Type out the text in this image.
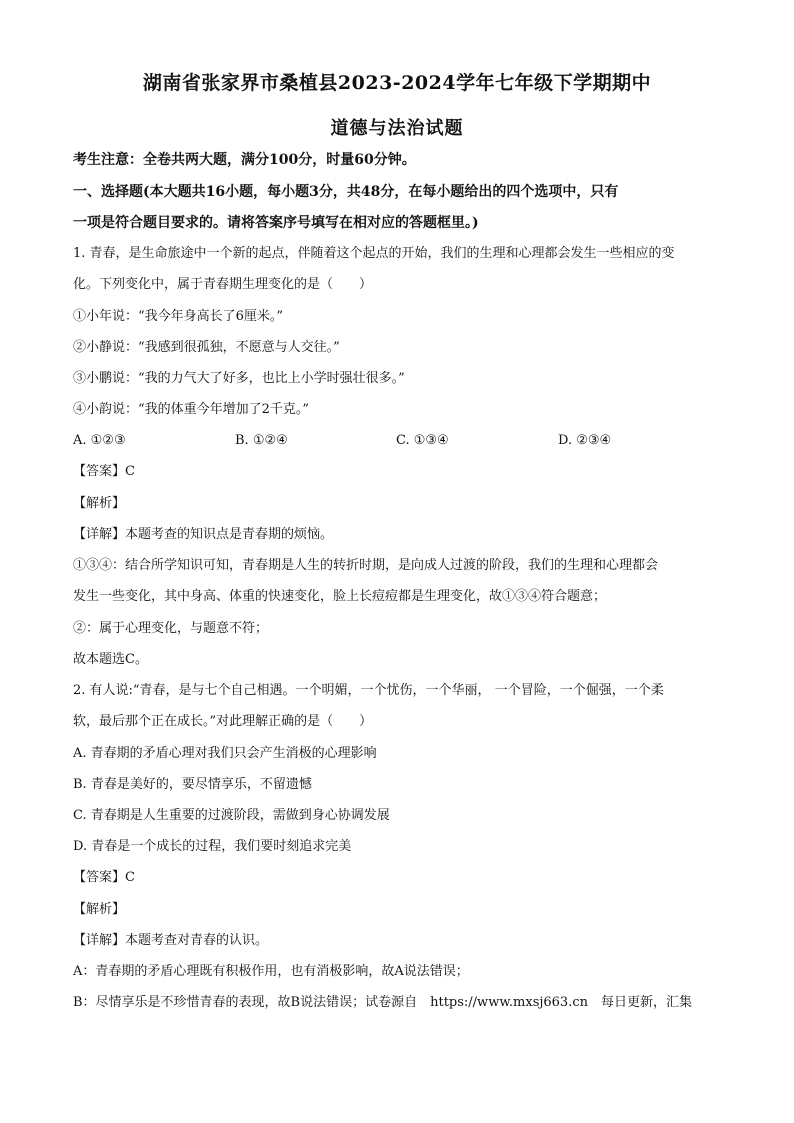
湖南省张家界市桑植县2023-2024学年七年级下学期期中
道德与法治试题
考生注意：全卷共两大题，满分100分，时量60分钟。
一、选择题(本大题共16小题，每小题3分，共48分，在每小题给出的四个选项中，只有
一项是符合题目要求的。请将答案序号填写在相对应的答题框里。)
1. 青春，是生命旅途中一个新的起点，伴随着这个起点的开始，我们的生理和心理都会发生一些相应的变
化。下列变化中，属于青春期生理变化的是（　　）
①小年说：“我今年身高长了6厘米。”
②小静说：“我感到很孤独，不愿意与人交往。”
③小鹏说：“我的力气大了好多，也比上小学时强壮很多。”
④小韵说：“我的体重今年增加了2千克。”
A. ①②③	B. ①②④	C. ①③④	D. ②③④
【答案】C
【解析】
【详解】本题考查的知识点是青春期的烦恼。
①③④：结合所学知识可知，青春期是人生的转折时期，是向成人过渡的阶段，我们的生理和心理都会
发生一些变化，其中身高、体重的快速变化，脸上长痘痘都是生理变化，故①③④符合题意；
②：属于心理变化，与题意不符；
故本题选C。
2. 有人说:“青春，是与七个自己相遇。一个明媚，一个忧伤，一个华丽， 一个冒险，一个倔强，一个柔
软，最后那个正在成长。”对此理解正确的是（　　）
A. 青春期的矛盾心理对我们只会产生消极的心理影响
B. 青春是美好的，要尽情享乐，不留遗憾
C. 青春期是人生重要的过渡阶段，需做到身心协调发展
D. 青春是一个成长的过程，我们要时刻追求完美
【答案】C
【解析】
【详解】本题考查对青春的认识。
A：青春期的矛盾心理既有积极作用，也有消极影响，故A说法错误；
B：尽情享乐是不珍惜青春的表现，故B说法错误；试卷源自　https://www.mxsj663.cn　每日更新，汇集
